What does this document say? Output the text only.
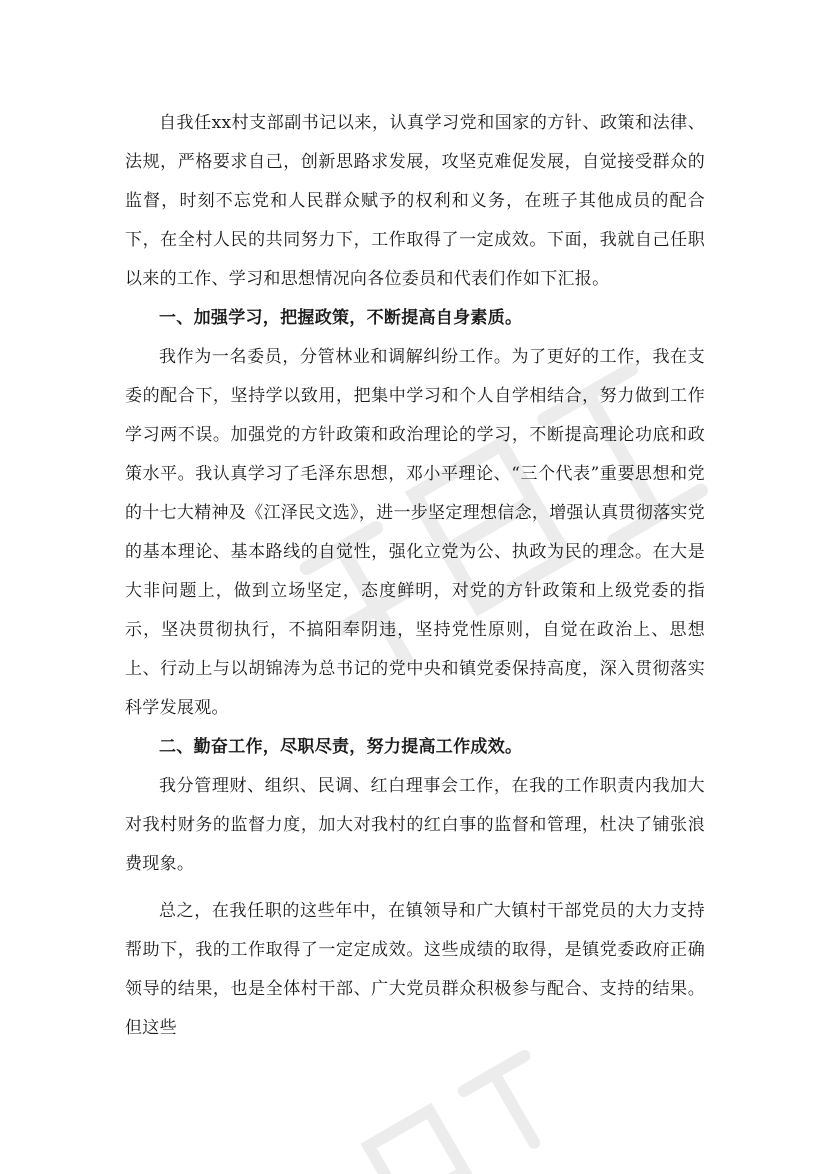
自我任xx村支部副书记以来，认真学习党和国家的方针、政策和法律、法规，严格要求自己，创新思路求发展，攻坚克难促发展，自觉接受群众的监督，时刻不忘党和人民群众赋予的权利和义务，在班子其他成员的配合下，在全村人民的共同努力下，工作取得了一定成效。下面，我就自己任职以来的工作、学习和思想情况向各位委员和代表们作如下汇报。

一、加强学习，把握政策，不断提高自身素质。

我作为一名委员，分管林业和调解纠纷工作。为了更好的工作，我在支委的配合下，坚持学以致用，把集中学习和个人自学相结合，努力做到工作学习两不误。加强党的方针政策和政治理论的学习，不断提高理论功底和政策水平。我认真学习了毛泽东思想，邓小平理论、“三个代表”重要思想和党的十七大精神及《江泽民文选》，进一步坚定理想信念，增强认真贯彻落实党的基本理论、基本路线的自觉性，强化立党为公、执政为民的理念。在大是大非问题上，做到立场坚定，态度鲜明，对党的方针政策和上级党委的指示，坚决贯彻执行，不搞阳奉阴违，坚持党性原则，自觉在政治上、思想上、行动上与以胡锦涛为总书记的党中央和镇党委保持高度，深入贯彻落实科学发展观。

二、勤奋工作，尽职尽责，努力提高工作成效。

我分管理财、组织、民调、红白理事会工作，在我的工作职责内我加大对我村财务的监督力度，加大对我村的红白事的监督和管理，杜决了铺张浪费现象。

总之，在我任职的这些年中，在镇领导和广大镇村干部党员的大力支持帮助下，我的工作取得了一定定成效。这些成绩的取得，是镇党委政府正确领导的结果，也是全体村干部、广大党员群众积极参与配合、支持的结果。但这些
